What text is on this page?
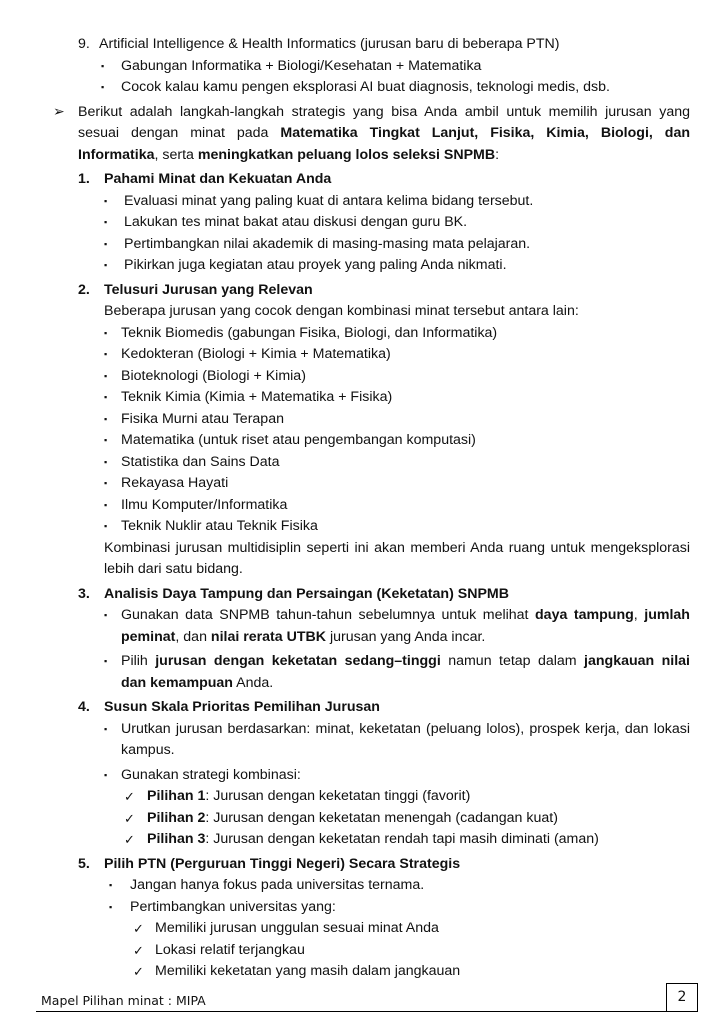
9. Artificial Intelligence & Health Informatics (jurusan baru di beberapa PTN)

▪ Gabungan Informatika + Biologi/Kesehatan + Matematika

▪ Cocok kalau kamu pengen eksplorasi AI buat diagnosis, teknologi medis, dsb.

➢ Berikut adalah langkah-langkah strategis yang bisa Anda ambil untuk memilih jurusan yang
sesuai dengan minat pada Matematika Tingkat Lanjut, Fisika, Kimia, Biologi, dan
Informatika, serta meningkatkan peluang lolos seleksi SNPMB:
1. Pahami Minat dan Kekuatan Anda

▪ Evaluasi minat yang paling kuat di antara kelima bidang tersebut.

▪ Lakukan tes minat bakat atau diskusi dengan guru BK.

▪ Pertimbangkan nilai akademik di masing-masing mata pelajaran.

▪ Pikirkan juga kegiatan atau proyek yang paling Anda nikmati.

2. Telusuri Jurusan yang Relevan

Beberapa jurusan yang cocok dengan kombinasi minat tersebut antara lain:

▪ Teknik Biomedis (gabungan Fisika, Biologi, dan Informatika)

▪ Kedokteran (Biologi + Kimia + Matematika)

▪ Bioteknologi (Biologi + Kimia)

▪ Teknik Kimia (Kimia + Matematika + Fisika)

▪ Fisika Murni atau Terapan

▪ Matematika (untuk riset atau pengembangan komputasi)

▪ Statistika dan Sains Data

▪ Rekayasa Hayati

▪ Ilmu Komputer/Informatika

▪ Teknik Nuklir atau Teknik Fisika

Kombinasi jurusan multidisiplin seperti ini akan memberi Anda ruang untuk mengeksplorasi
lebih dari satu bidang.
3. Analisis Daya Tampung dan Persaingan (Keketatan) SNPMB

▪ Gunakan data SNPMB tahun-tahun sebelumnya untuk melihat daya tampung, jumlah
peminat, dan nilai rerata UTBK jurusan yang Anda incar.
▪ Pilih jurusan dengan keketatan sedang–tinggi namun tetap dalam jangkauan nilai
dan kemampuan Anda.
4. Susun Skala Prioritas Pemilihan Jurusan

▪ Urutkan jurusan berdasarkan: minat, keketatan (peluang lolos), prospek kerja, dan lokasi
kampus.
▪ Gunakan strategi kombinasi:

✓ Pilihan 1: Jurusan dengan keketatan tinggi (favorit)

✓ Pilihan 2: Jurusan dengan keketatan menengah (cadangan kuat)

✓ Pilihan 3: Jurusan dengan keketatan rendah tapi masih diminati (aman)

5. Pilih PTN (Perguruan Tinggi Negeri) Secara Strategis

▪ Jangan hanya fokus pada universitas ternama.

▪ Pertimbangkan universitas yang:

✓ Memiliki jurusan unggulan sesuai minat Anda

✓ Lokasi relatif terjangkau

✓ Memiliki keketatan yang masih dalam jangkauan

Mapel Pilihan minat : MIPA	2
